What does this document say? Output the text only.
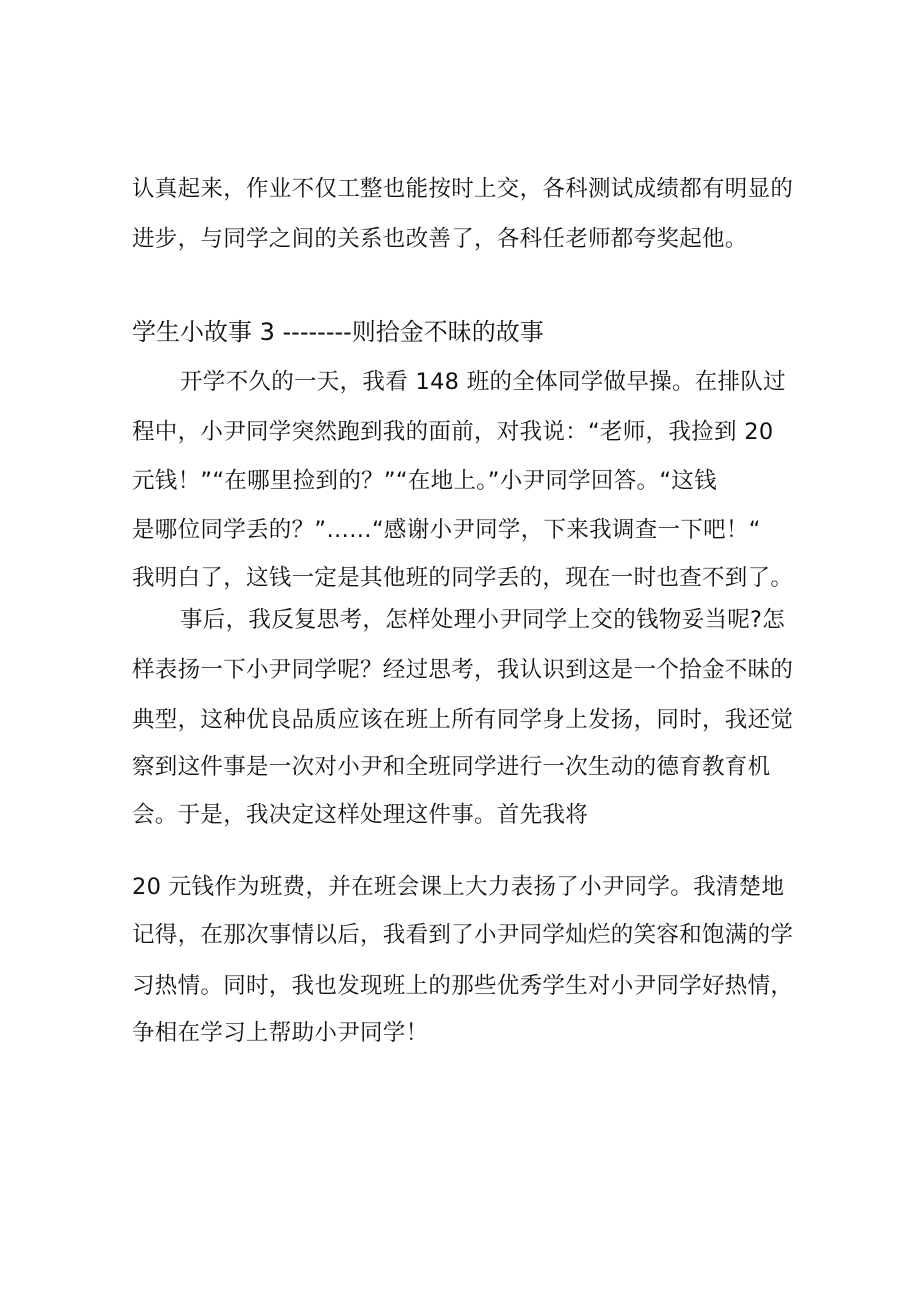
认真起来，作业不仅工整也能按时上交，各科测试成绩都有明显的
进步，与同学之间的关系也改善了，各科任老师都夸奖起他。
学生小故事 3 --------则拾金不昧的故事
开学不久的一天，我看 148 班的全体同学做早操。在排队过
程中，小尹同学突然跑到我的面前，对我说：“老师，我捡到 20
元钱！”“在哪里捡到的？”“在地上。”小尹同学回答。“这钱
是哪位同学丢的？”……“感谢小尹同学，下来我调查一下吧！“
我明白了，这钱一定是其他班的同学丢的，现在一时也查不到了。
事后，我反复思考，怎样处理小尹同学上交的钱物妥当呢?怎
样表扬一下小尹同学呢？经过思考，我认识到这是一个拾金不昧的
典型，这种优良品质应该在班上所有同学身上发扬，同时，我还觉
察到这件事是一次对小尹和全班同学进行一次生动的德育教育机
会。于是，我决定这样处理这件事。首先我将
20 元钱作为班费，并在班会课上大力表扬了小尹同学。我清楚地
记得，在那次事情以后，我看到了小尹同学灿烂的笑容和饱满的学
习热情。同时，我也发现班上的那些优秀学生对小尹同学好热情，
争相在学习上帮助小尹同学！
